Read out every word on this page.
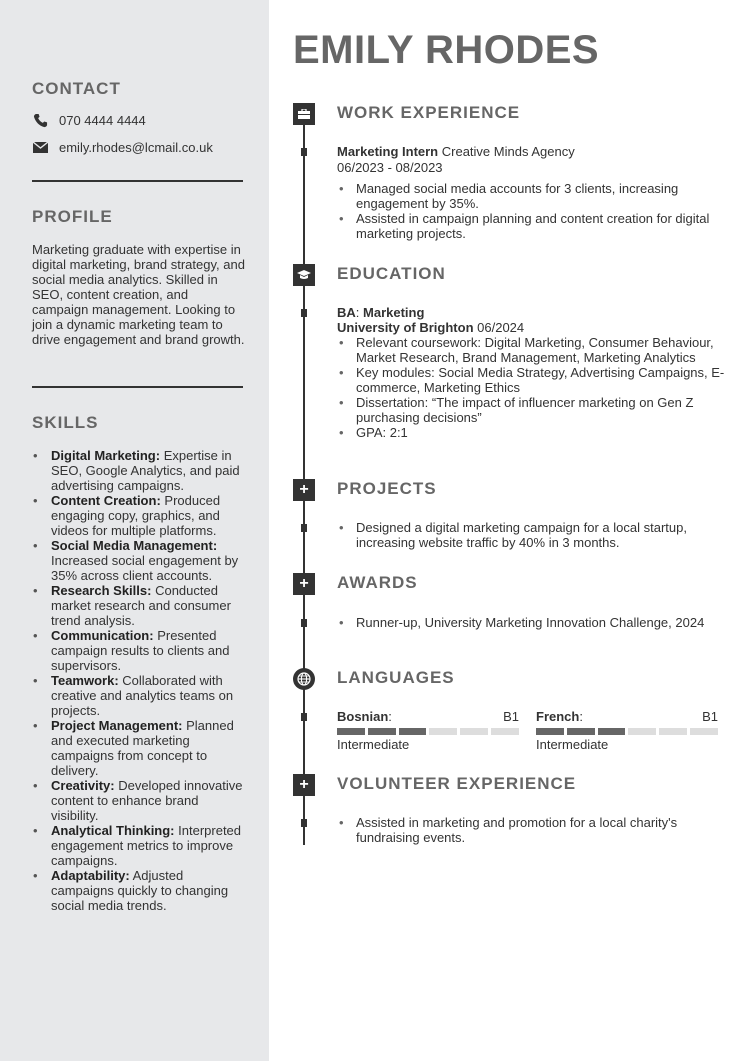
CONTACT
070 4444 4444
emily.rhodes@lcmail.co.uk
PROFILE

Marketing graduate with expertise in digital marketing, brand strategy, and social media analytics. Skilled in SEO, content creation, and campaign management. Looking to join a dynamic marketing team to drive engagement and brand growth.

SKILLS
• Digital Marketing: Expertise in SEO, Google Analytics, and paid advertising campaigns.
• Content Creation: Produced engaging copy, graphics, and videos for multiple platforms.
• Social Media Management: Increased social engagement by 35% across client accounts.
• Research Skills: Conducted market research and consumer trend analysis.
• Communication: Presented campaign results to clients and supervisors.
• Teamwork: Collaborated with creative and analytics teams on projects.
• Project Management: Planned and executed marketing campaigns from concept to delivery.
• Creativity: Developed innovative content to enhance brand visibility.
• Analytical Thinking: Interpreted engagement metrics to improve campaigns.
• Adaptability: Adjusted campaigns quickly to changing social media trends.
EMILY RHODES
WORK EXPERIENCE

Marketing Intern Creative Minds Agency

06/2023 - 08/2023

• Managed social media accounts for 3 clients, increasing engagement by 35%.
• Assisted in campaign planning and content creation for digital marketing projects.
EDUCATION

BA: Marketing

University of Brighton 06/2024

• Relevant coursework: Digital Marketing, Consumer Behaviour, Market Research, Brand Management, Marketing Analytics
• Key modules: Social Media Strategy, Advertising Campaigns, E-commerce, Marketing Ethics
• Dissertation: “The impact of influencer marketing on Gen Z purchasing decisions”
• GPA: 2:1
+	PROJECTS
• Designed a digital marketing campaign for a local startup, increasing website traffic by 40% in 3 months.
+	AWARDS
• Runner-up, University Marketing Innovation Challenge, 2024
LANGUAGES
Bosnian:	B1
Intermediate
French:	B1
Intermediate
+	VOLUNTEER EXPERIENCE
• Assisted in marketing and promotion for a local charity's fundraising events.
